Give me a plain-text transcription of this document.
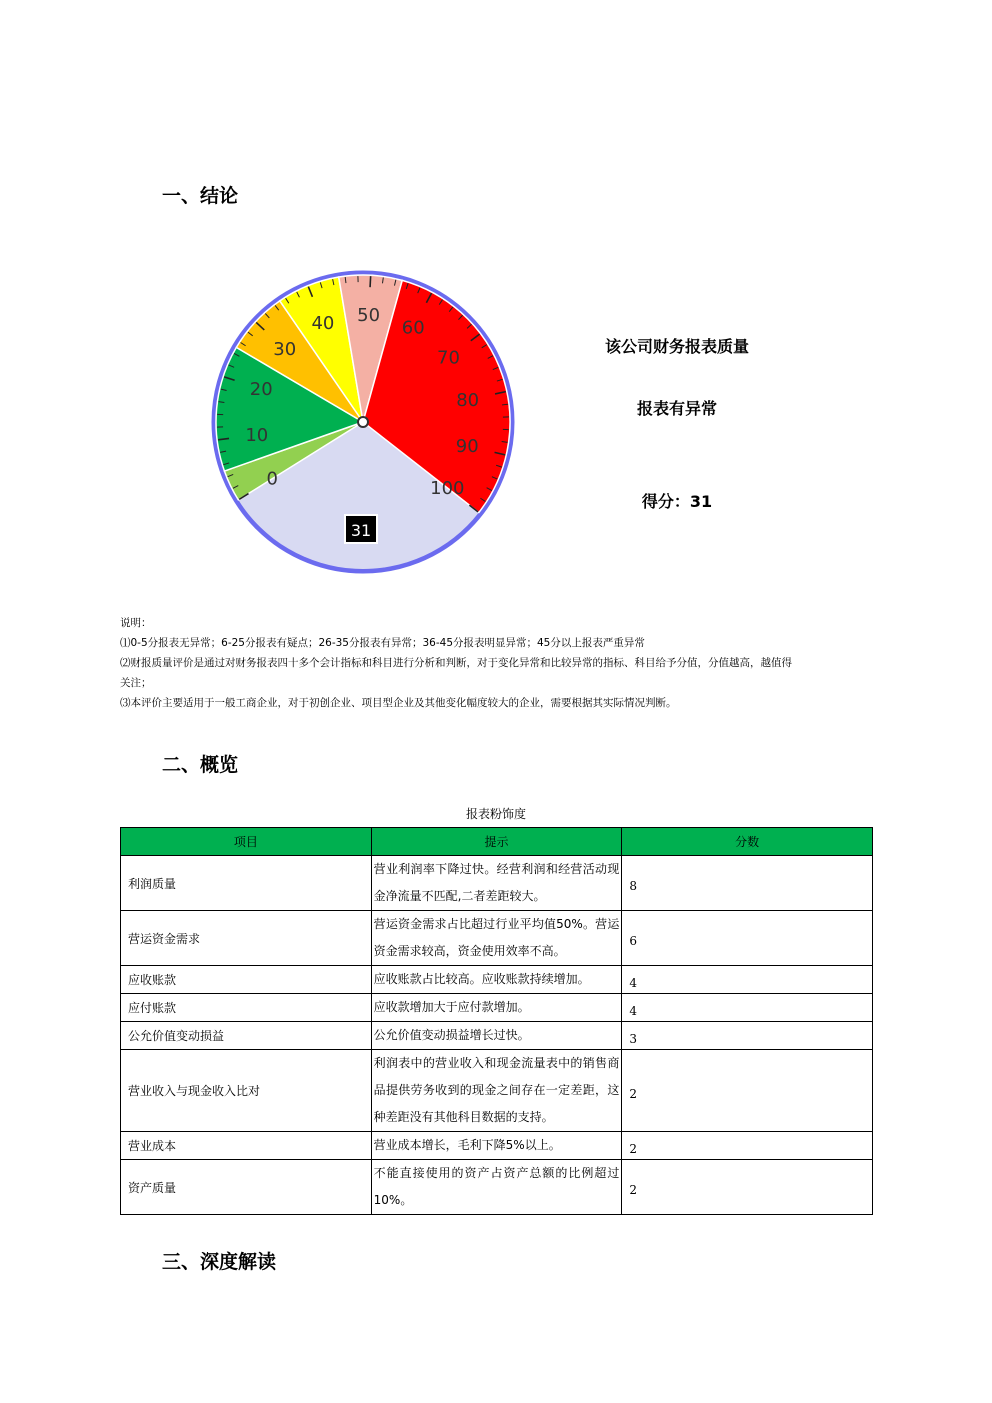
一、结论
0
10
20
30
40 50
60
70
80
90
100
31
该公司财务报表质量
报表有异常
得分：31
说明：
⑴0-5分报表无异常；6-25分报表有疑点；26-35分报表有异常；36-45分报表明显异常；45分以上报表严重异常
⑵财报质量评价是通过对财务报表四十多个会计指标和科目进行分析和判断，对于变化异常和比较异常的指标、科目给予分值，分值越高，越值得
关注；
⑶本评价主要适用于一般工商企业，对于初创企业、项目型企业及其他变化幅度较大的企业，需要根据其实际情况判断。
二、概览
报表粉饰度
项目	提示	分数
利润质量	营业利润率下降过快。经营利润和经营活动现金净流量不匹配,二者差距较大。	8
营运资金需求	营运资金需求占比超过行业平均值50%。营运资金需求较高，资金使用效率不高。	6
应收账款	应收账款占比较高。应收账款持续增加。	4
应付账款	应收款增加大于应付款增加。	4
公允价值变动损益	公允价值变动损益增长过快。	3
营业收入与现金收入比对	利润表中的营业收入和现金流量表中的销售商品提供劳务收到的现金之间存在一定差距，这种差距没有其他科目数据的支持。	2
营业成本	营业成本增长，毛利下降5%以上。	2
资产质量	不能直接使用的资产占资产总额的比例超过10%。	2
三、深度解读
